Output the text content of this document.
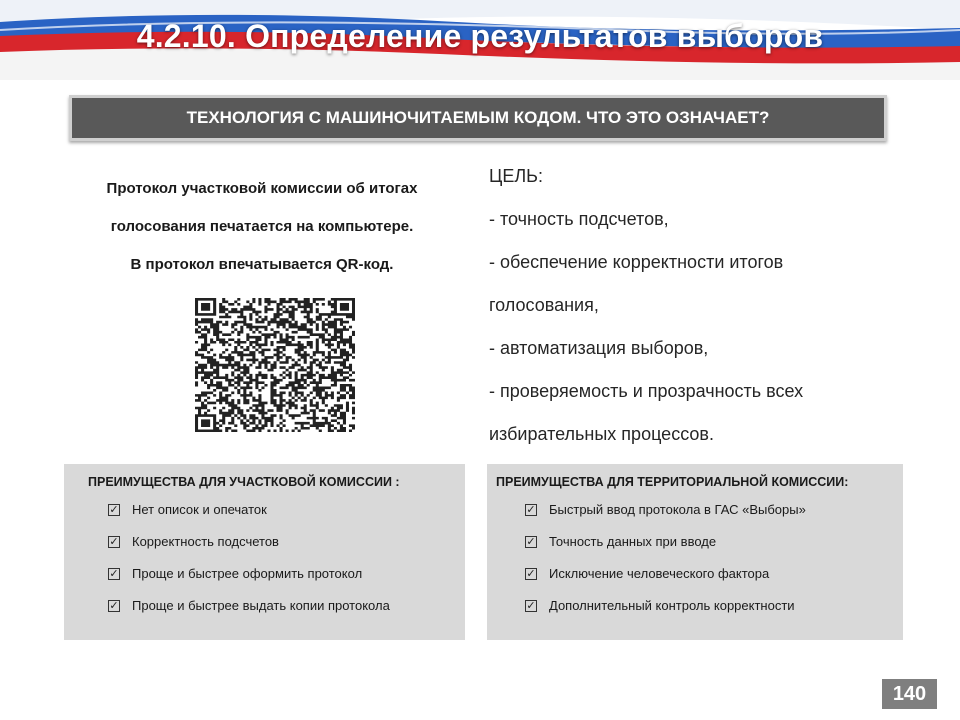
4.2.10. Определение результатов выборов
ТЕХНОЛОГИЯ С МАШИНОЧИТАЕМЫМ КОДОМ. ЧТО ЭТО ОЗНАЧАЕТ?
Протокол участковой комиссии об итогах
голосования печатается на компьютере.
В протокол впечатывается QR-код.
ЦЕЛЬ:
- точность подсчетов,
- обеспечение корректности итогов
голосования,
- автоматизация выборов,
- проверяемость и прозрачность всех
избирательных процессов.
ПРЕИМУЩЕСТВА ДЛЯ УЧАСТКОВОЙ КОМИССИИ :
✓ Нет описок и опечаток
✓ Корректность подсчетов
✓ Проще и быстрее оформить протокол
✓ Проще и быстрее выдать копии протокола
ПРЕИМУЩЕСТВА ДЛЯ ТЕРРИТОРИАЛЬНОЙ КОМИССИИ:
✓ Быстрый ввод протокола в ГАС «Выборы»
✓ Точность данных при вводе
✓ Исключение человеческого фактора
✓ Дополнительный контроль корректности
140
